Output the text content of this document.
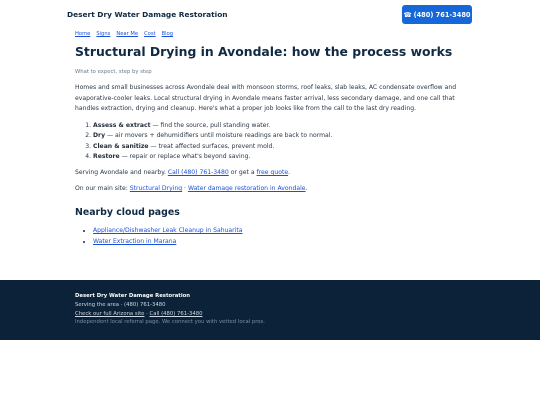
Desert Dry Water Damage Restoration	☎ (480) 761-3480
Home Signs Near Me Cost Blog
Structural Drying in Avondale: how the process works
What to expect, step by step

Homes and small businesses across Avondale deal with monsoon storms, roof leaks, slab leaks, AC condensate overflow and evaporative-cooler leaks. Local structural drying in Avondale means faster arrival, less secondary damage, and one call that handles extraction, drying and cleanup. Here's what a proper job looks like from the call to the last dry reading.

1. Assess & extract — find the source, pull standing water.
2. Dry — air movers + dehumidifiers until moisture readings are back to normal.
3. Clean & sanitize — treat affected surfaces, prevent mold.
4. Restore — repair or replace what's beyond saving.

Serving Avondale and nearby. Call (480) 761-3480 or get a free quote.

On our main site: Structural Drying · Water damage restoration in Avondale.

Nearby cloud pages
• Appliance/Dishwasher Leak Cleanup in Sahuarita
• Water Extraction in Marana
Desert Dry Water Damage Restoration
Serving the area · (480) 761-3480
Check our full Arizona site · Call (480) 761-3480
Independent local referral page. We connect you with vetted local pros.
